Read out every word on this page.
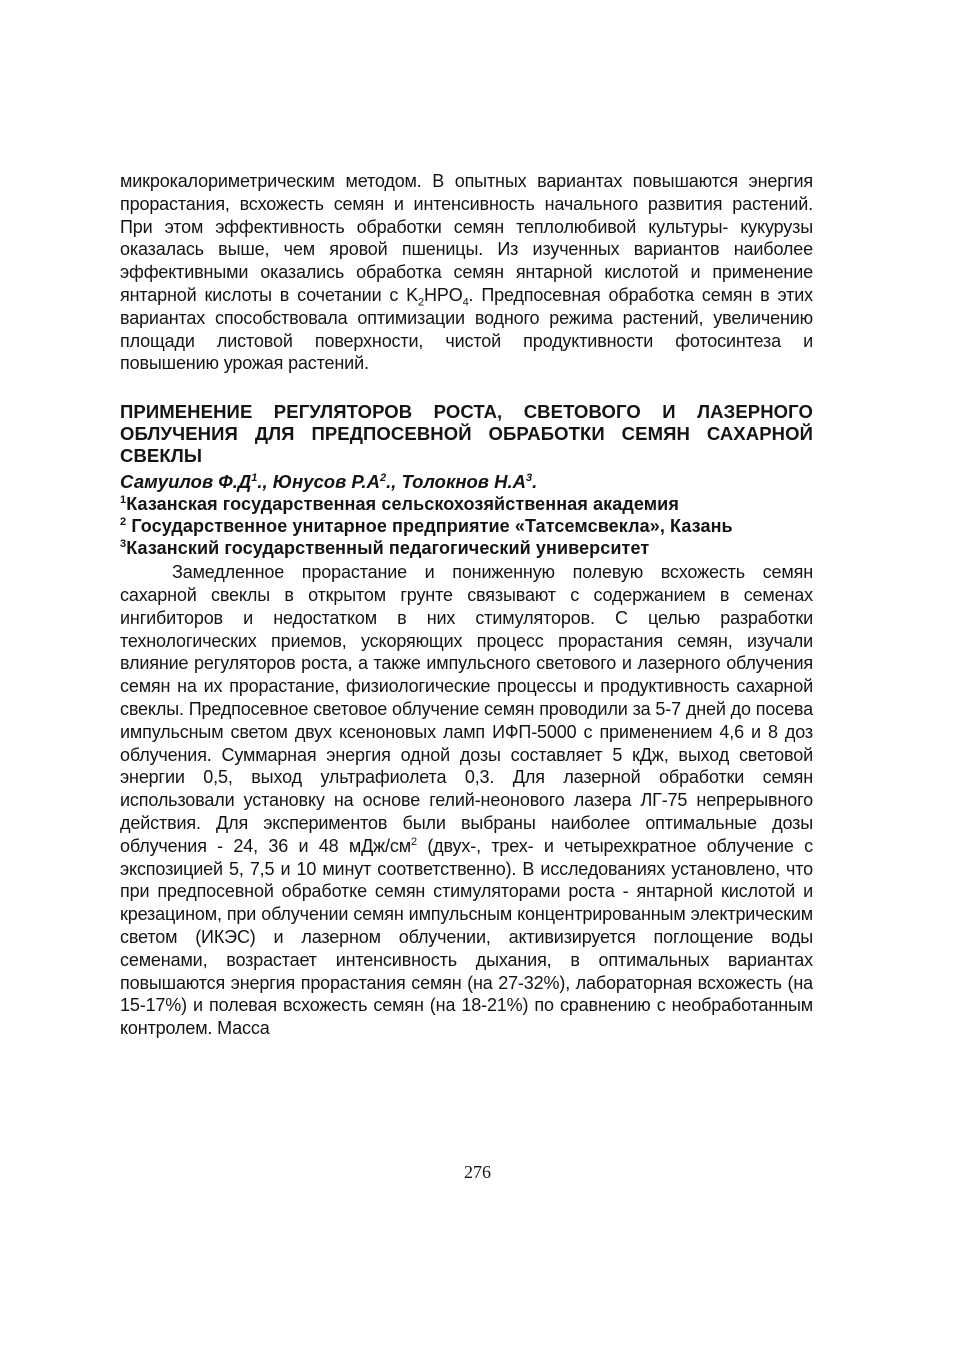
микрокалориметрическим методом. В опытных вариантах повышаются энергия прорастания, всхожесть семян и интенсивность начального развития растений. При этом эффективность обработки семян теплолюбивой культуры- кукурузы оказалась выше, чем яровой пшеницы. Из изученных вариантов наиболее эффективными оказались обработка семян янтарной кислотой и применение янтарной кислоты в сочетании с $K_2HPO_4$. Предпосевная обработка семян в этих вариантах способствовала оптимизации водного режима растений, увеличению площади листовой поверхности, чистой продуктивности фотосинтеза и повышению урожая растений.

ПРИМЕНЕНИЕ РЕГУЛЯТОРОВ РОСТА, СВЕТОВОГО И ЛАЗЕРНОГО ОБЛУЧЕНИЯ ДЛЯ ПРЕДПОСЕВНОЙ ОБРАБОТКИ СЕМЯН САХАРНОЙ СВЕКЛЫ

Самуилов $Ф.Д^1$., Юнусов $Р.А^2$., Толокнов $Н.А^3$.

$^1$Казанская государственная сельскохозяйственная академия

$^2$ Государственное унитарное предприятие «Татсемсвекла», Казань

$^3$Казанский государственный педагогический университет

Замедленное прорастание и пониженную полевую всхожесть семян сахарной свеклы в открытом грунте связывают с содержанием в семенах ингибиторов и недостатком в них стимуляторов. С целью разработки технологических приемов, ускоряющих процесс прорастания семян, изучали влияние регуляторов роста, а также импульсного светового и лазерного облучения семян на их прорастание, физиологические процессы и продуктивность сахарной свеклы. Предпосевное световое облучение семян проводили за 5-7 дней до посева импульсным светом двух ксеноновых ламп ИФП-5000 с применением 4,6 и 8 доз облучения. Суммарная энергия одной дозы составляет 5 кДж, выход световой энергии 0,5, выход ультрафиолета 0,3. Для лазерной обработки семян использовали установку на основе гелий-неонового лазера ЛГ-75 непрерывного действия. Для экспериментов были выбраны наиболее оптимальные дозы облучения - 24, 36 и 48 мДж/$см^2$ (двух-, трех- и четырехкратное облучение с экспозицией 5, 7,5 и 10 минут соответственно). В исследованиях установлено, что при предпосевной обработке семян стимуляторами роста - янтарной кислотой и крезацином, при облучении семян импульсным концентрированным электрическим светом (ИКЭС) и лазерном облучении, активизируется поглощение воды семенами, возрастает интенсивность дыхания, в оптимальных вариантах повышаются энергия прорастания семян (на 27-32%), лабораторная всхожесть (на 15-17%) и полевая всхожесть семян (на 18-21%) по сравнению с необработанным контролем. Масса

276
